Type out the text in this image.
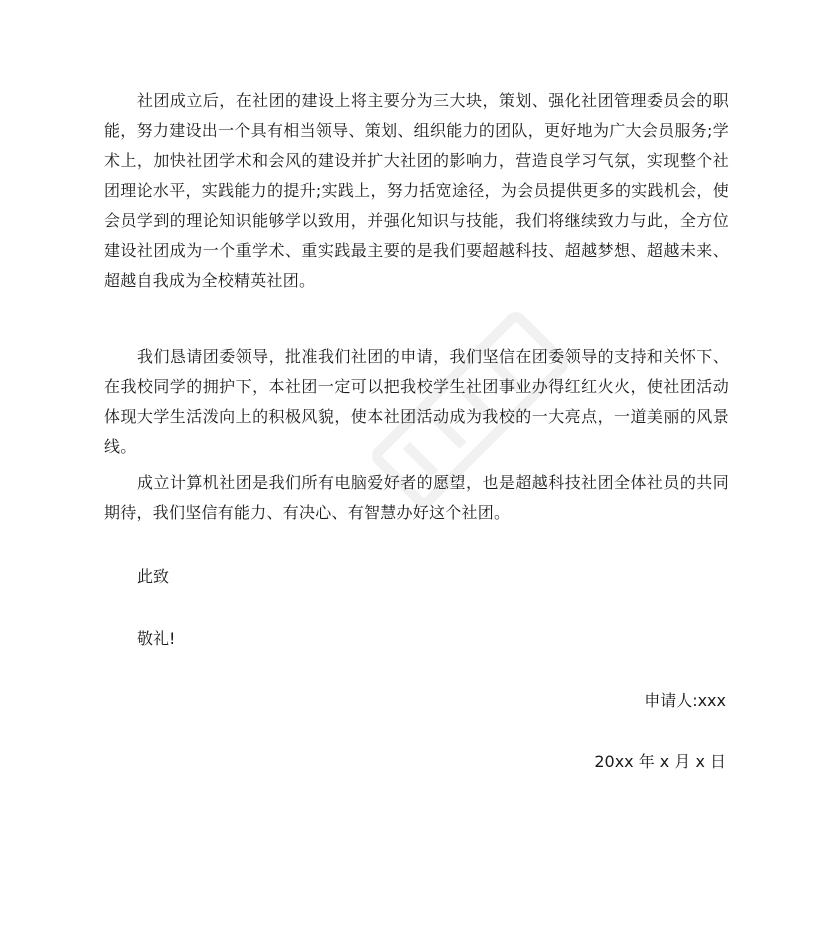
社团成立后，在社团的建设上将主要分为三大块，策划、强化社团管理委员会的职能，努力建设出一个具有相当领导、策划、组织能力的团队，更好地为广大会员服务;学术上，加快社团学术和会风的建设并扩大社团的影响力，营造良学习气氛，实现整个社团理论水平，实践能力的提升;实践上，努力括宽途径，为会员提供更多的实践机会，使会员学到的理论知识能够学以致用，并强化知识与技能，我们将继续致力与此，全方位建设社团成为一个重学术、重实践最主要的是我们要超越科技、超越梦想、超越未来、超越自我成为全校精英社团。

我们恳请团委领导，批准我们社团的申请，我们坚信在团委领导的支持和关怀下、在我校同学的拥护下，本社团一定可以把我校学生社团事业办得红红火火，使社团活动体现大学生活泼向上的积极风貌，使本社团活动成为我校的一大亮点，一道美丽的风景线。

成立计算机社团是我们所有电脑爱好者的愿望，也是超越科技社团全体社员的共同期待，我们坚信有能力、有决心、有智慧办好这个社团。

此致

敬礼!

申请人:xxx

20xx 年 x 月 x 日
